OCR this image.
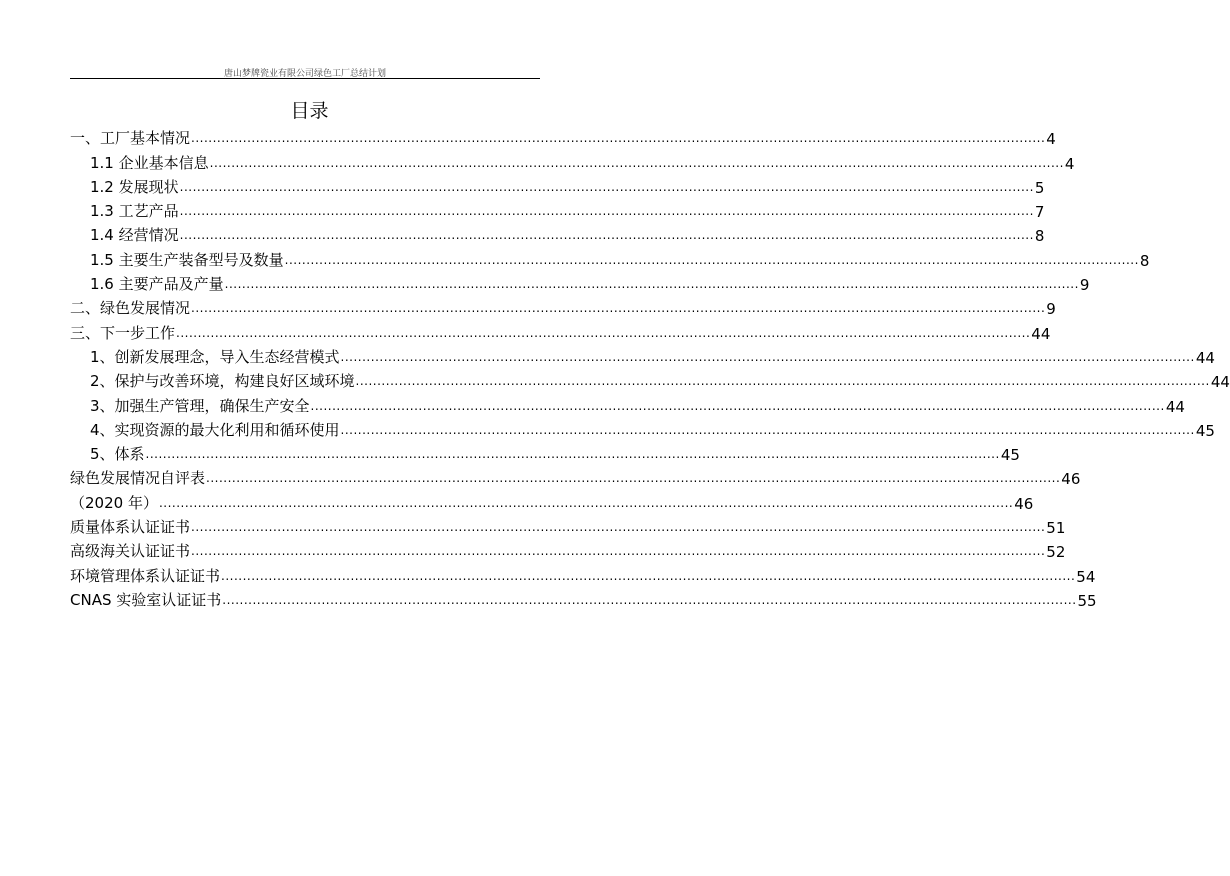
唐山梦牌瓷业有限公司绿色工厂总结计划
目录
一、工厂基本情况 ...................................................................................................................................................................................................... 4
1.1 企业基本信息 ...................................................................................................................................................................................................... 4
1.2 发展现状 ...................................................................................................................................................................................................... 5
1.3 工艺产品 ...................................................................................................................................................................................................... 7
1.4 经营情况 ...................................................................................................................................................................................................... 8
1.5 主要生产装备型号及数量 ...................................................................................................................................................................................................... 8
1.6 主要产品及产量 ...................................................................................................................................................................................................... 9
二、绿色发展情况 ...................................................................................................................................................................................................... 9
三、下一步工作 ...................................................................................................................................................................................................... 44
1、创新发展理念，导入生态经营模式 ...................................................................................................................................................................................................... 44
2、保护与改善环境，构建良好区域环境 ...................................................................................................................................................................................................... 44
3、加强生产管理，确保生产安全 ...................................................................................................................................................................................................... 44
4、实现资源的最大化利用和循环使用 ...................................................................................................................................................................................................... 45
5、体系 ...................................................................................................................................................................................................... 45
绿色发展情况自评表 ...................................................................................................................................................................................................... 46
（2020 年） ...................................................................................................................................................................................................... 46
质量体系认证证书 ...................................................................................................................................................................................................... 51
高级海关认证证书 ...................................................................................................................................................................................................... 52
环境管理体系认证证书 ...................................................................................................................................................................................................... 54
CNAS 实验室认证证书 ...................................................................................................................................................................................................... 55
